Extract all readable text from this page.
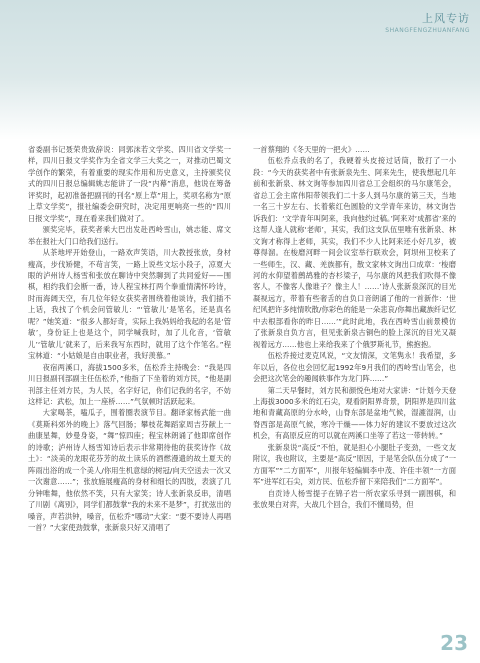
上风专访
SHANGFENGZHUANFANG

省委副书记聂荣贵致辞说：同郭沫若文学奖、四川省文学奖一样，四川日报文学奖作为全省文学三大奖之一，对推动巴蜀文学创作的繁荣，有着重要的现实作用和历史意义，主持颁奖仪式的四川日报总编辑姚志能讲了一段“内幕”消息，他说在筹备评奖时，起初准备把副刊的刊名“原上草”用上，奖项名称为“原上草文学奖”，报社编委会研究时，决定用更响亮一些的“四川日报文学奖”，现在看来我们做对了。

颁奖完毕，获奖者乘大巴出发赴西岭雪山，姚志能、席文举在报社大门口给我们送行。

从茶地坪开始登山，一路欢声笑语，川大教授张放，身材瘦高，步伐矫健，不苟言笑，一路上说些文坛小段子，凉夏大眼的泸州诗人杨雪和张放在聊诗中突然聊到了共同爱好——围棋，相约我们会断一番，诗人程宝林打两个拳重情满怀吟诗，时而海阔天空，有几位年轻女获奖者围绕着他谈诗，我们插不上话，我找了个机会问管敏儿：“‘管敏儿’是笔名，还是真名呢？”她笑道：“很多人都好奇，实际上我妈妈给我起的名是‘管敏’，身份证上也是这个，同学喊我时，加了儿化音，‘管敏儿’‘管敏儿’就来了，后来我写东西时，就用了这个作笔名。”程宝林道：“小姑娘是自由职业者，我好羡慕。”

夜宿两溪口，海拔1500多米，伍松乔主持晚会：“我是四川日报副刊部副主任伍松乔，”他指了下坐着的刘方民，“他是副刊部主任刘方民，为人民，名字好记，你们记我的名字，不妨这样记：武松，加上一座桥……”气氛顿时活跃起来。

大家喝茶，嗑瓜子，围着圈表演节目。翻译家杨武能一曲《莫斯科郊外的晚上》落气回肠；攀枝花舞蹈家周吉芬献上一曲康星舞，妙曼身姿，“舞”惊四座；程宝林朗诵了他即席创作的诗歌；泸州诗人杨雪知诗后表示非常期待他的获奖诗作《故土》：“淡美的龙眼花芬芳的故土读乐的酒燃漫遗的故土夏天的阵雨出浴的成一个美人/你用生机意绿的树冠/向天空送去一次又一次谢意……”；张放施展瘦高的身材和细长的四肢，表演了几分钟唯舞，他依然不笑，只有大家笑；诗人张新泉反串，清唱了川剧《离别》，同学们都鼓掌“我的未来不是梦”，打扰弦出的嗓音，声若洪钟，嗓音，伍松乔“哪动”大家：“要不要诗人再唱一首？”大家使劲鼓掌，张新泉只好又清唱了

一首蔡翔的《冬天里的一把火》……

伍松乔点我的名了，我硬着头皮接过话筒，散打了一小段：“今天的获奖者中有张新泉先生、阿来先生，使我想起几年前和张新泉、林文询等参加四川省总工会组织的马尔康笔会，省总工会主席伟阳带领我们二十多人到马尔康的第三天，当地一名三十岁左右、长着紫红色圆脸的文学青年来访，林文询告诉我们：‘文学青年叫阿来，我向他约过稿。’阿来对‘成都省’来的这帮人逢人就称‘老师’，其实，我们这支队伍里唯有张新泉、林文询才称得上老师，其实，我们不少人比阿来还小好几岁，被尊得溜。在梭磨河畔一间会议室举行联欢会，阿坝州卫校来了一些师生，汉、藏、羌族都有，散文家林文询出口成章：‘梭磨河的水仰望着鹧鸪雅的杏杉梁子，马尔康的风把我们吹得不像客人，不像客人像谁子？像主人！……’诗人张新泉深沉的目光凝视远方，带着有些奢舌的自负口音朗诵了他的一首新作：‘世纪风把许多纯情吹散/你彩色的能是一朵悲哀/你舞出藏族纤记忆中去根部看你的昨日……’”此时此地，我在西岭雪山前景模仿了张新泉自负方言，但见张新泉古铜色的脸上深沉的目光又凝视着远方……他也上来给我来了个俄罗斯礼节，熊抱抱。

伍松乔接过麦克风说，“文友情深，文笔隽永！我希望，多年以后，各位也会回忆起1992年9月我们的西岭雪山笔会，也会把这次笔会的趣闻轶事作为龙门阵……”

第二天早餐时，刘方民和颜悦色地对大家讲：“计划今天登上海拔3000多米的红石尖，观看阴阳界奇景，阴阳界是四川盆地和青藏高原的分水岭，山脊东部是盆地气候，湿漉湿润，山脊西部是高原气候，寒冷干燥——体力好的建议不要放过这次机会，有高原反应的可以就在两溪口坐等了若这一带转转。”

张新泉说“高反”不怕，就是担心小腿肚子变劲，一些文友附议，我也附议，主要是“高反”原因，于是笔会队伍分成了“一方面军”“二方面军”，川报年轻编辑李中茂、许佳丰领“一方面军”进军红石尖，刘方民、伍松乔留下来陪我们“二方面军”。

自贡诗人杨雪提子在锦子岩一所农家乐寻到一副围棋，和张放果白对弈，大战几个回合，我们不懂局势，但

23
